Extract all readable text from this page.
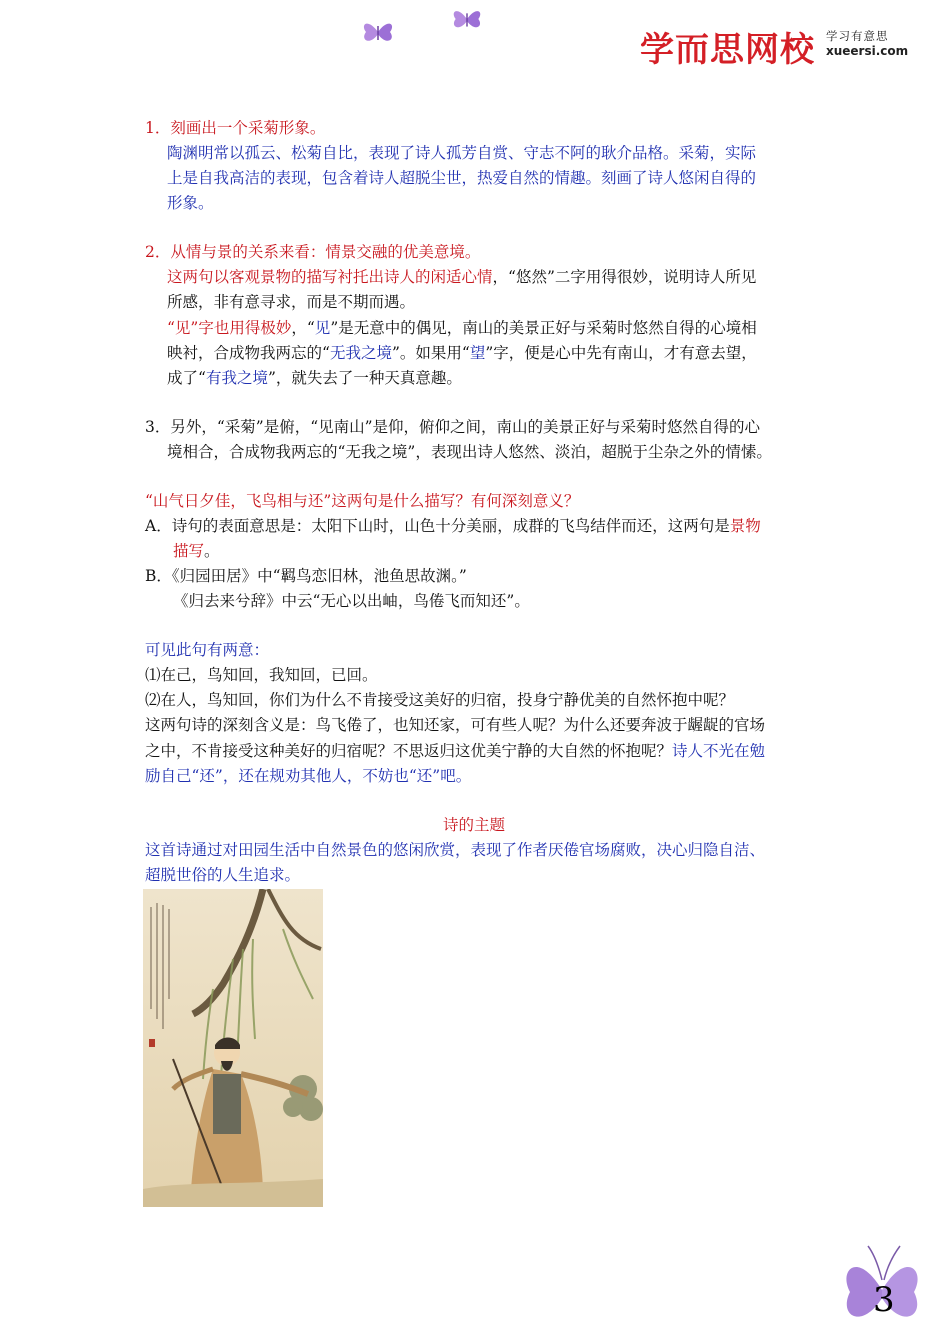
学而思网校 学习有意思
xueersi.com
1．刻画出一个采菊形象。
陶渊明常以孤云、松菊自比，表现了诗人孤芳自赏、守志不阿的耿介品格。采菊，实际
上是自我高洁的表现，包含着诗人超脱尘世，热爱自然的情趣。刻画了诗人悠闲自得的
形象。
2．从情与景的关系来看：情景交融的优美意境。
这两句以客观景物的描写衬托出诗人的闲适心情，“悠然”二字用得很妙，说明诗人所见
所感，非有意寻求，而是不期而遇。
“见”字也用得极妙，“见”是无意中的偶见，南山的美景正好与采菊时悠然自得的心境相
映衬，合成物我两忘的“无我之境”。如果用“望”字，便是心中先有南山，才有意去望，
成了“有我之境”，就失去了一种天真意趣。
3．另外，“采菊”是俯，“见南山”是仰，俯仰之间，南山的美景正好与采菊时悠然自得的心
境相合，合成物我两忘的“无我之境”，表现出诗人悠然、淡泊，超脱于尘杂之外的情愫。
“山气日夕佳，飞鸟相与还”这两句是什么描写？有何深刻意义？
A．诗句的表面意思是：太阳下山时，山色十分美丽，成群的飞鸟结伴而还，这两句是景物
描写。
B．《归园田居》中“羁鸟恋旧林，池鱼思故渊。”
《归去来兮辞》中云“无心以出岫，鸟倦飞而知还”。
可见此句有两意：
⑴在己，鸟知回，我知回，已回。
⑵在人，鸟知回，你们为什么不肯接受这美好的归宿，投身宁静优美的自然怀抱中呢？
这两句诗的深刻含义是：鸟飞倦了，也知还家，可有些人呢？为什么还要奔波于龌龊的官场
之中，不肯接受这种美好的归宿呢？不思返归这优美宁静的大自然的怀抱呢？诗人不光在勉
励自己“还”，还在规劝其他人，不妨也“还”吧。
诗的主题
这首诗通过对田园生活中自然景色的悠闲欣赏，表现了作者厌倦官场腐败，决心归隐自洁、
超脱世俗的人生追求。
3
